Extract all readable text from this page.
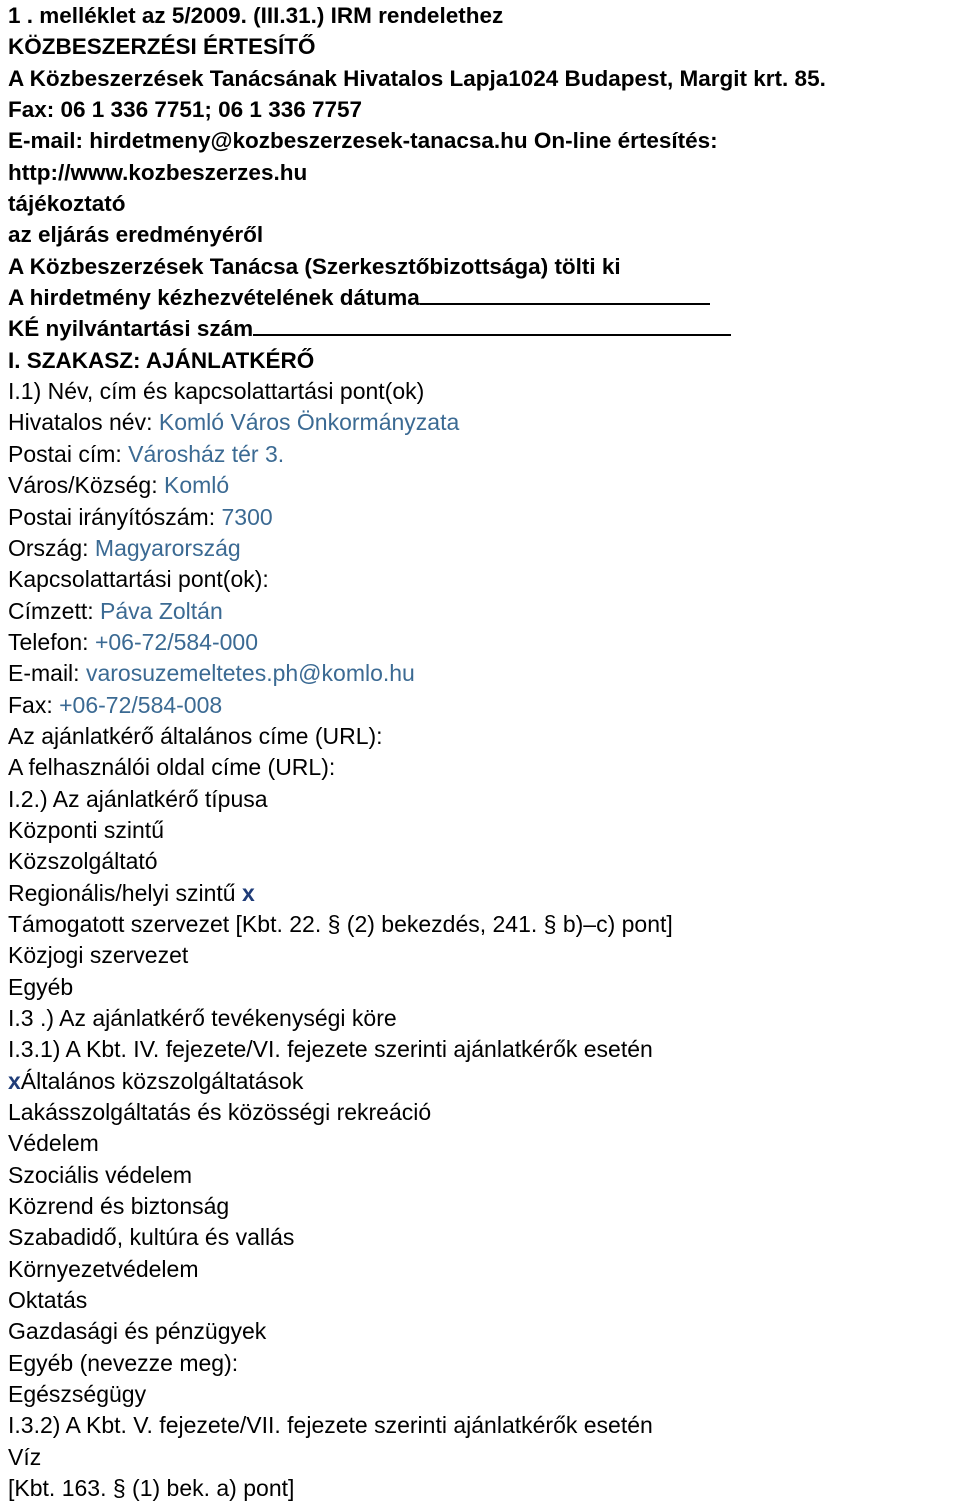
1 . melléklet az 5/2009. (III.31.) IRM rendelethez
KÖZBESZERZÉSI ÉRTESÍTŐ
A Közbeszerzések Tanácsának Hivatalos Lapja1024 Budapest, Margit krt. 85.
Fax: 06 1 336 7751; 06 1 336 7757
E-mail: hirdetmeny@kozbeszerzesek-tanacsa.hu On-line értesítés:
http://www.kozbeszerzes.hu
tájékoztató
az eljárás eredményéről
A Közbeszerzések Tanácsa (Szerkesztőbizottsága) tölti ki
A hirdetmény kézhezvételének dátuma
KÉ nyilvántartási szám
I. SZAKASZ: AJÁNLATKÉRŐ
I.1) Név, cím és kapcsolattartási pont(ok)
Hivatalos név: Komló Város Önkormányzata
Postai cím: Városház tér 3.
Város/Község: Komló
Postai irányítószám: 7300
Ország: Magyarország
Kapcsolattartási pont(ok):
Címzett: Páva Zoltán
Telefon: +06-72/584-000
E-mail: varosuzemeltetes.ph@komlo.hu
Fax: +06-72/584-008
Az ajánlatkérő általános címe (URL):
A felhasználói oldal címe (URL):
I.2.) Az ajánlatkérő típusa
Központi szintű
Közszolgáltató
Regionális/helyi szintű x
Támogatott szervezet [Kbt. 22. § (2) bekezdés, 241. § b)–c) pont]
Közjogi szervezet
Egyéb
I.3 .) Az ajánlatkérő tevékenységi köre
I.3.1) A Kbt. IV. fejezete/VI. fejezete szerinti ajánlatkérők esetén
xÁltalános közszolgáltatások
Lakásszolgáltatás és közösségi rekreáció
Védelem
Szociális védelem
Közrend és biztonság
Szabadidő, kultúra és vallás
Környezetvédelem
Oktatás
Gazdasági és pénzügyek
Egyéb (nevezze meg):
Egészségügy
I.3.2) A Kbt. V. fejezete/VII. fejezete szerinti ajánlatkérők esetén
Víz
[Kbt. 163. § (1) bek. a) pont]
